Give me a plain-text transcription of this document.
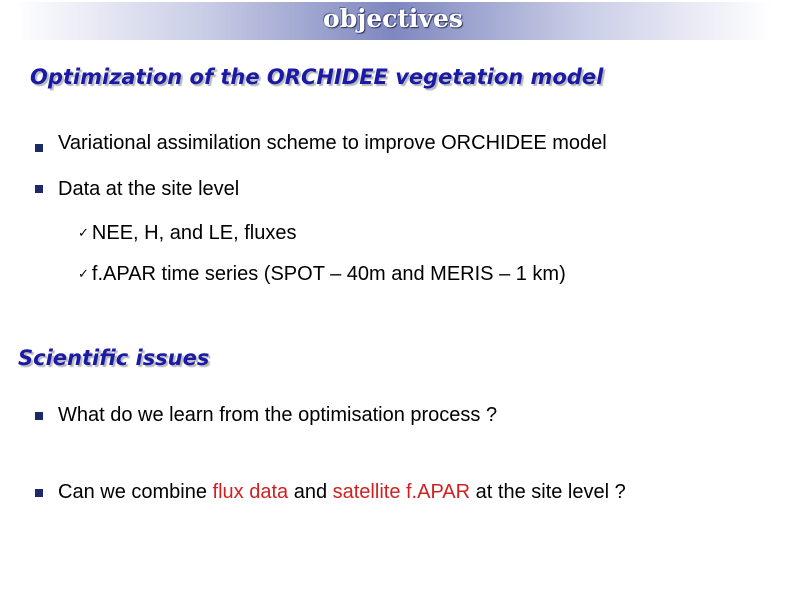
objectives
Optimization of the ORCHIDEE vegetation model
Variational assimilation scheme to improve ORCHIDEE model
Data at the site level
✓ NEE, H, and LE, fluxes
✓ f.APAR time series (SPOT – 40m and MERIS – 1 km)
Scientific issues
What do we learn from the optimisation process ?
Can we combine flux data and satellite f.APAR at the site level ?
